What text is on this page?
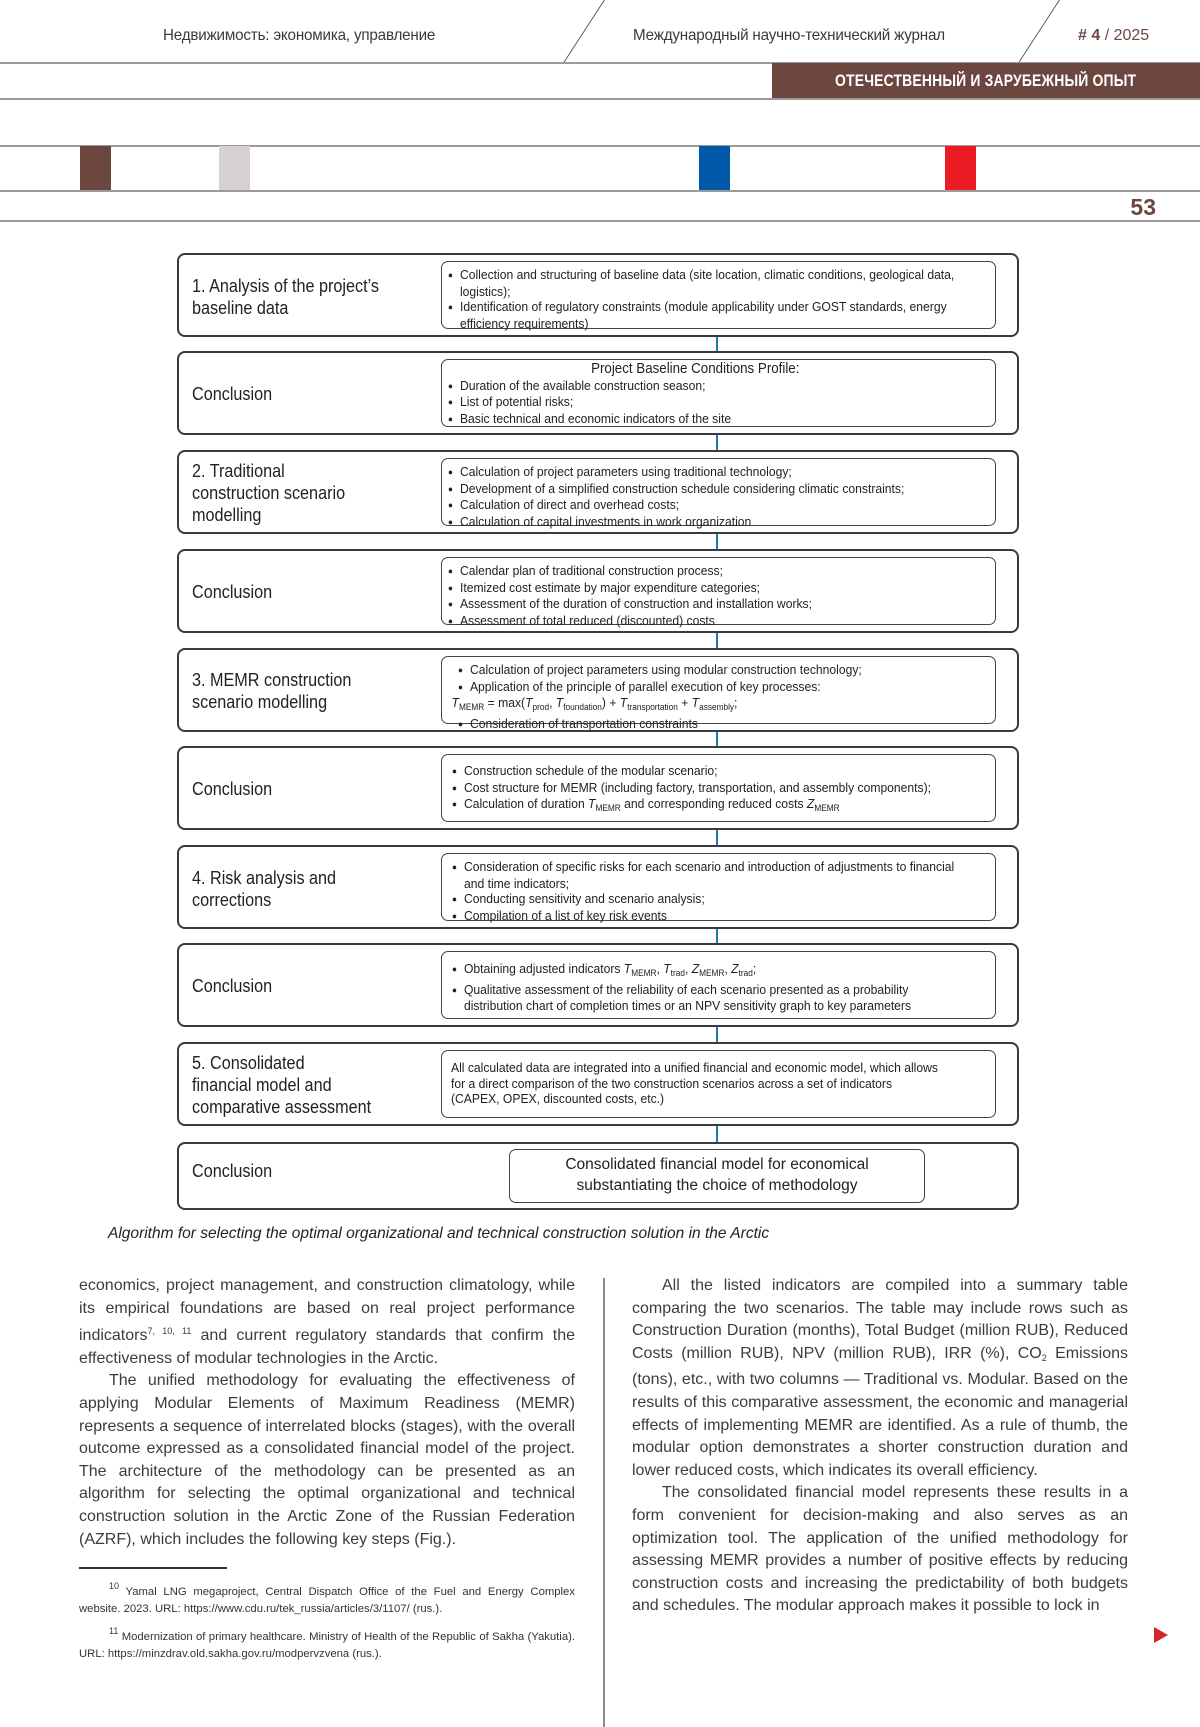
Недвижимость: экономика, управление	Международный научно-технический журнал	# 4 / 2025
ОТЕЧЕСТВЕННЫЙ И ЗАРУБЕЖНЫЙ ОПЫТ
53
1. Analysis of the project’s
baseline data
● Collection and structuring of baseline data (site location, climatic conditions, geological data,
logistics);
● Identification of regulatory constraints (module applicability under GOST standards, energy
efficiency requirements)
Conclusion
Project Baseline Conditions Profile:
● Duration of the available construction season;
● List of potential risks;
● Basic technical and economic indicators of the site
2. Traditional
construction scenario
modelling
● Calculation of project parameters using traditional technology;
● Development of a simplified construction schedule considering climatic constraints;
● Calculation of direct and overhead costs;
● Calculation of capital investments in work organization
Conclusion
● Calendar plan of traditional construction process;
● Itemized cost estimate by major expenditure categories;
● Assessment of the duration of construction and installation works;
● Assessment of total reduced (discounted) costs
3. MEMR construction
scenario modelling
● Calculation of project parameters using modular construction technology;
● Application of the principle of parallel execution of key processes:
$T_{MEMR} = \max(T_{prod}$, $T_{foundation}) + T_{transportation} + T_{assembly}$;
● Consideration of transportation constraints
Conclusion
● Construction schedule of the modular scenario;
● Cost structure for MEMR (including factory, transportation, and assembly components);
● Calculation of duration $T_{MEMR}$ and corresponding reduced costs $Z_{MEMR}$
4. Risk analysis and
corrections
● Consideration of specific risks for each scenario and introduction of adjustments to financial
and time indicators;
● Conducting sensitivity and scenario analysis;
● Compilation of a list of key risk events
Conclusion
● Obtaining adjusted indicators $T_{MEMR}$, $T_{trad}$, $Z_{MEMR}$, $Z_{trad}$;
● Qualitative assessment of the reliability of each scenario presented as a probability
distribution chart of completion times or an NPV sensitivity graph to key parameters
5. Consolidated
financial model and
comparative assessment
All calculated data are integrated into a unified financial and economic model, which allows
for a direct comparison of the two construction scenarios across a set of indicators
(CAPEX, OPEX, discounted costs, etc.)
Conclusion	Consolidated financial model for economical
substantiating the choice of methodology
Algorithm for selecting the optimal organizational and technical construction solution in the Arctic

economics, project management, and construction climatology, while its empirical foundations are based on real project performance indicators$^{7, 10, 11}$ and current regulatory standards that confirm the effectiveness of modular technologies in the Arctic.

The unified methodology for evaluating the effectiveness of applying Modular Elements of Maximum Readiness (MEMR) represents a sequence of interrelated blocks (stages), with the overall outcome expressed as a consolidated financial model of the project. The architecture of the methodology can be presented as an algorithm for selecting the optimal organizational and technical construction solution in the Arctic Zone of the Russian Federation (AZRF), which includes the following key steps (Fig.).

All the listed indicators are compiled into a summary table comparing the two scenarios. The table may include rows such as Construction Duration (months), Total Budget (million RUB), Reduced Costs (million RUB), NPV (million RUB), IRR (%), $CO_2$ Emissions (tons), etc., with two columns — Traditional vs. Modular. Based on the results of this comparative assessment, the economic and managerial effects of implementing MEMR are identified. As a rule of thumb, the modular option demonstrates a shorter construction duration and lower reduced costs, which indicates its overall efficiency.

The consolidated financial model represents these results in a form convenient for decision-making and also serves as an optimization tool. The application of the unified methodology for assessing MEMR provides a number of positive effects by reducing construction costs and increasing the predictability of both budgets and schedules. The modular approach makes it possible to lock in

$^{10}$ Yamal LNG megaproject, Central Dispatch Office of the Fuel and Energy Complex website. 2023. URL: https://www.cdu.ru/tek_russia/articles/3/1107/ (rus.).

$^{11}$ Modernization of primary healthcare. Ministry of Health of the Republic of Sakha (Yakutia). URL: https://minzdrav.old.sakha.gov.ru/modpervzvena (rus.).
